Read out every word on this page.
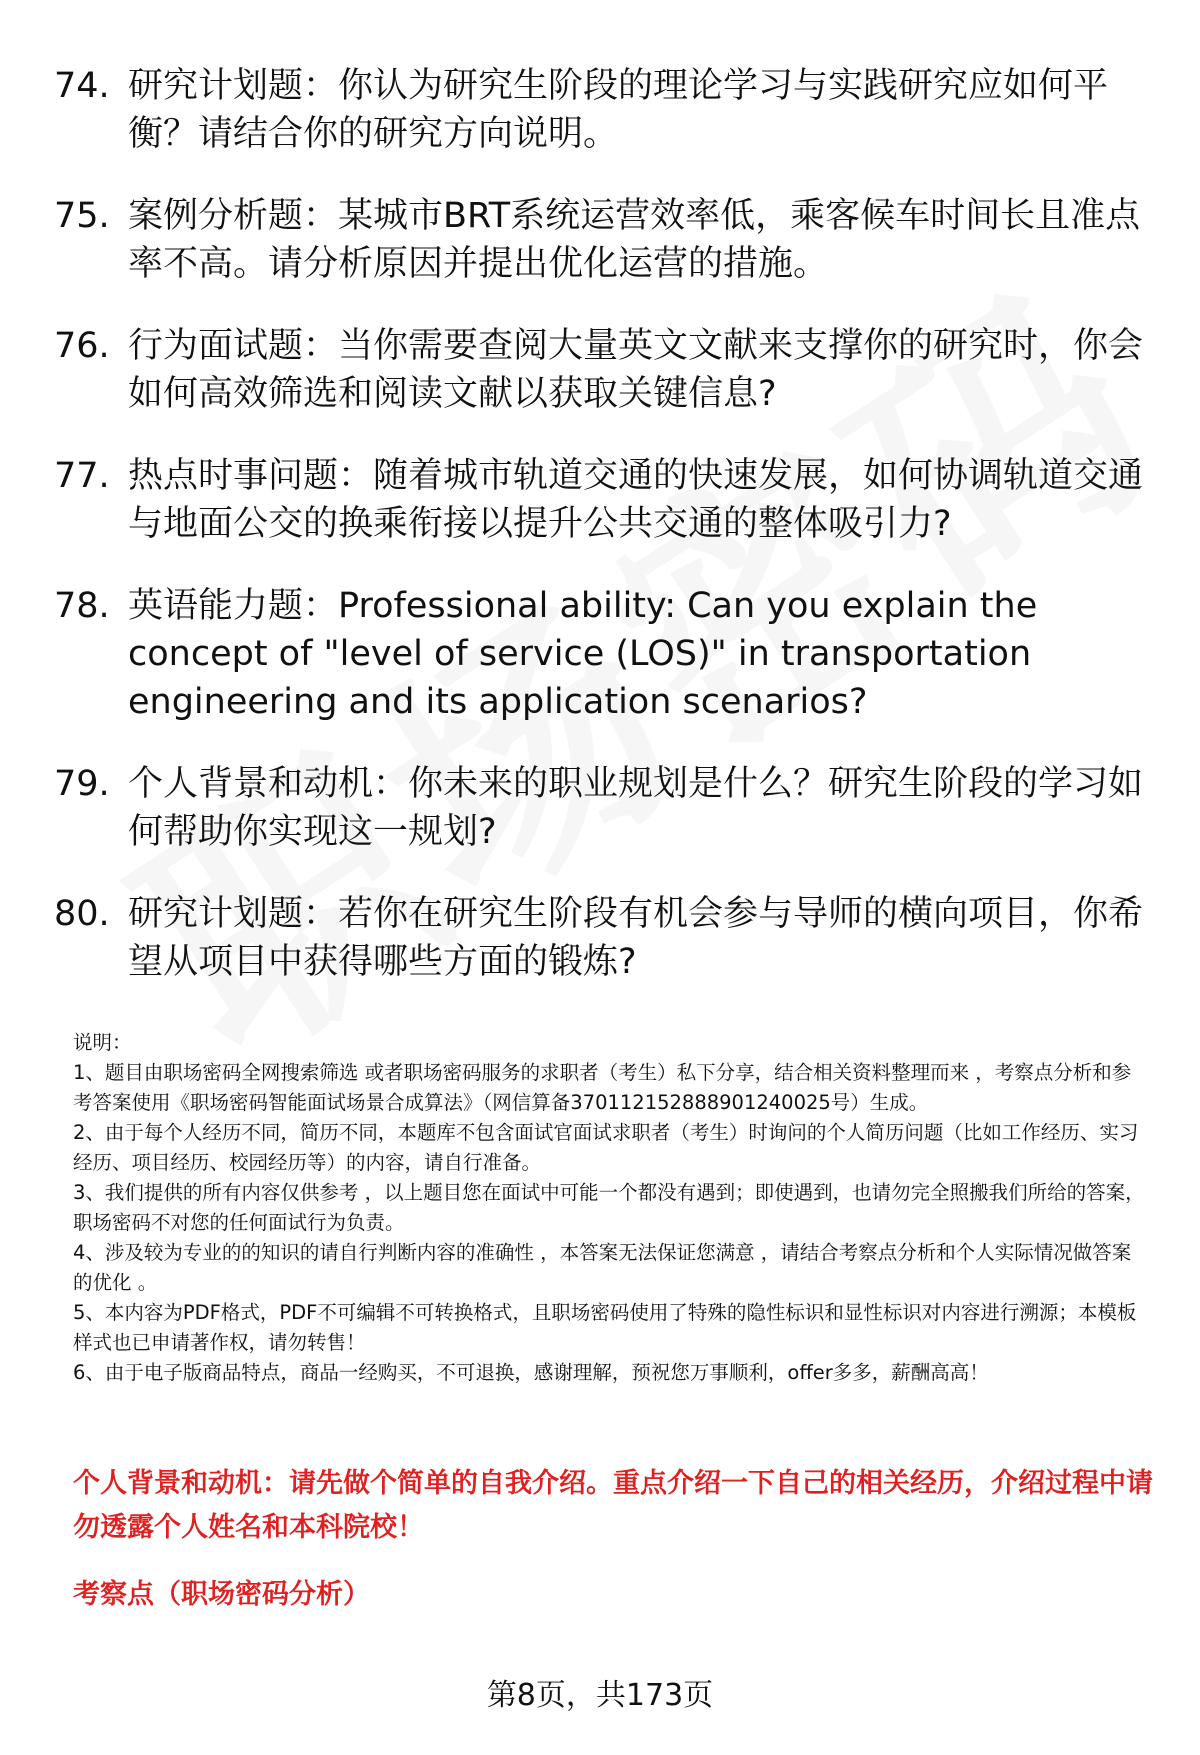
74. 研究计划题：你认为研究生阶段的理论学习与实践研究应如何平衡？请结合你的研究方向说明。
75. 案例分析题：某城市BRT系统运营效率低，乘客候车时间长且准点率不高。请分析原因并提出优化运营的措施。
76. 行为面试题：当你需要查阅大量英文文献来支撑你的研究时，你会如何高效筛选和阅读文献以获取关键信息?
77. 热点时事问题：随着城市轨道交通的快速发展，如何协调轨道交通与地面公交的换乘衔接以提升公共交通的整体吸引力?
78. 英语能力题：Professional ability: Can you explain the concept of "level of service (LOS)" in transportation engineering and its application scenarios?
79. 个人背景和动机：你未来的职业规划是什么？研究生阶段的学习如何帮助你实现这一规划?
80. 研究计划题：若你在研究生阶段有机会参与导师的横向项目，你希望从项目中获得哪些方面的锻炼?

说明：

1、题目由职场密码全网搜索筛选 或者职场密码服务的求职者（考生）私下分享，结合相关资料整理而来 ，考察点分析和参考答案使用《职场密码智能面试场景合成算法》（网信算备370112152888901240025号）生成。

2、由于每个人经历不同，简历不同，本题库不包含面试官面试求职者（考生）时询问的个人简历问题（比如工作经历、实习经历、项目经历、校园经历等）的内容，请自行准备。

3、我们提供的所有内容仅供参考 ，以上题目您在面试中可能一个都没有遇到；即使遇到，也请勿完全照搬我们所给的答案，职场密码不对您的任何面试行为负责。

4、涉及较为专业的的知识的请自行判断内容的准确性 ，本答案无法保证您满意 ，请结合考察点分析和个人实际情况做答案的优化 。

5、本内容为PDF格式，PDF不可编辑不可转换格式，且职场密码使用了特殊的隐性标识和显性标识对内容进行溯源；本模板样式也已申请著作权，请勿转售！

6、由于电子版商品特点，商品一经购买，不可退换，感谢理解，预祝您万事顺利，offer多多，薪酬高高！

个人背景和动机：请先做个简单的自我介绍。重点介绍一下自己的相关经历，介绍过程中请勿透露个人姓名和本科院校！
考察点（职场密码分析）
第8页，共173页
